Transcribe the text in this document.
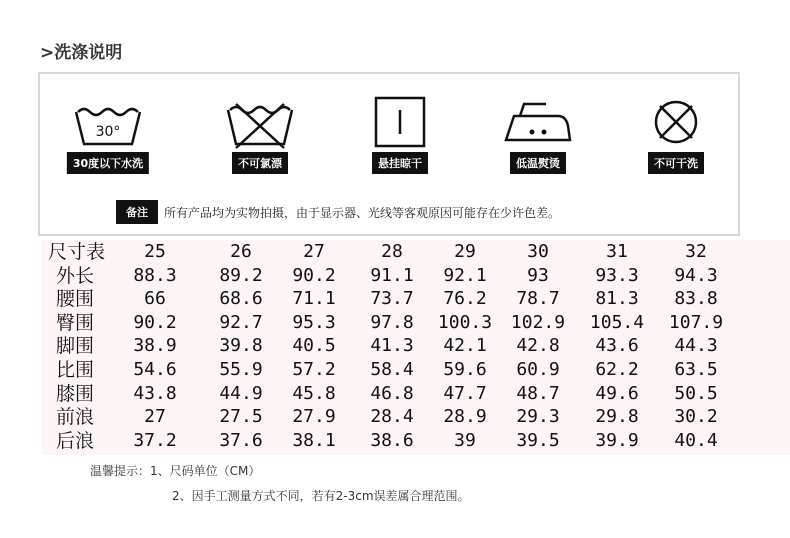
>洗涤说明
30°
30度以下水洗	不可氯漂	悬挂晾干	低温熨烫	不可干洗
备注	所有产品均为实物拍摄，由于显示器、光线等客观原因可能存在少许色差。
尺寸表 25	26	27	28	29	30	31	32
外长 88.3 89.2 90.2 91.1 92.1 93	93.3 94.3
腰围	66	68.6 71.1 73.7 76.2 78.7 81.3 83.8
臀围 90.2 92.7 95.3 97.8 100.3 102.9 105.4 107.9
脚围 38.9 39.8 40.5 41.3 42.1 42.8 43.6 44.3
比围 54.6 55.9 57.2 58.4 59.6 60.9 62.2 63.5
膝围 43.8 44.9 45.8 46.8 47.7 48.7 49.6 50.5
前浪	27	27.5 27.9 28.4 28.9 29.3 29.8 30.2
后浪 37.2 37.6 38.1 38.6 39 39.5 39.9 40.4
温馨提示：1、尺码单位（CM）
2、因手工测量方式不同，若有2-3cm误差属合理范围。
